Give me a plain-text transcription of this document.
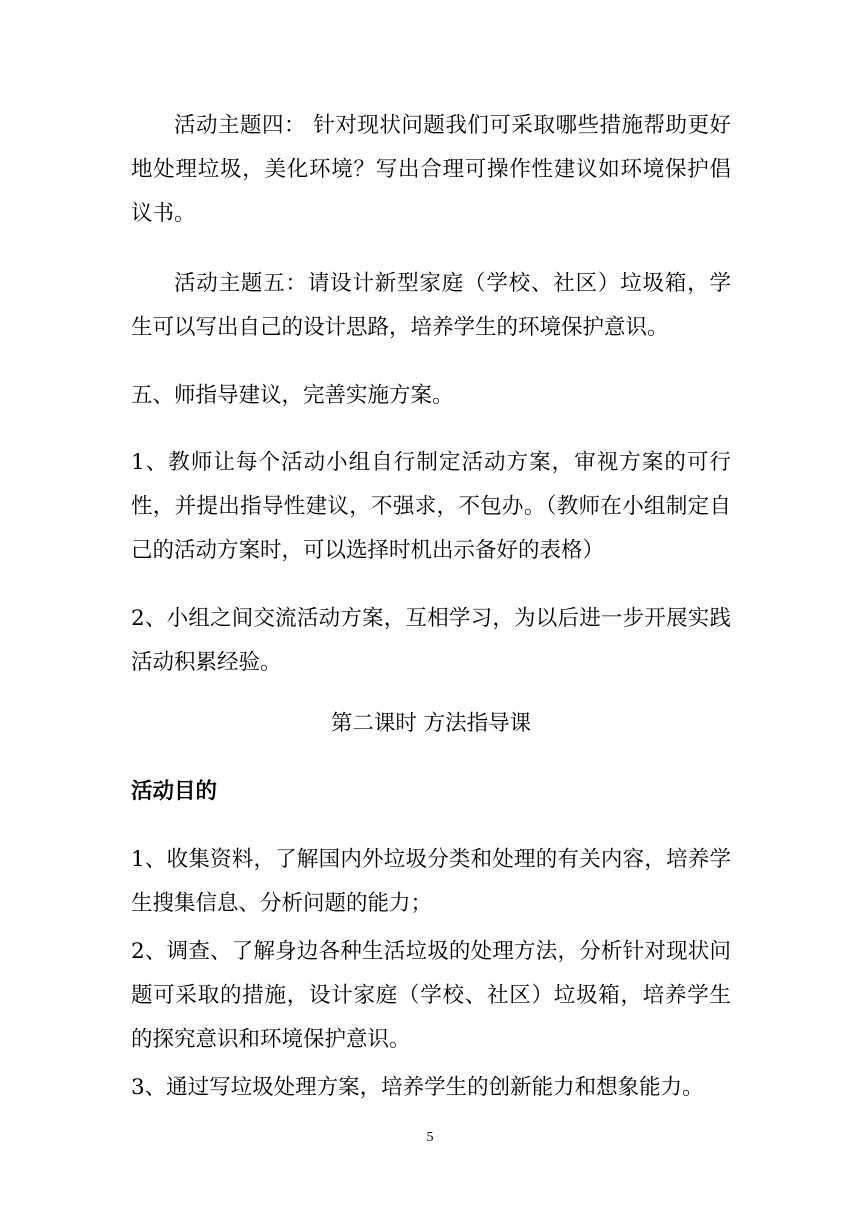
活动主题四： 针对现状问题我们可采取哪些措施帮助更好地处理垃圾，美化环境？写出合理可操作性建议如环境保护倡议书。

活动主题五：请设计新型家庭（学校、社区）垃圾箱，学生可以写出自己的设计思路，培养学生的环境保护意识。

五、师指导建议，完善实施方案。

1、教师让每个活动小组自行制定活动方案，审视方案的可行性，并提出指导性建议，不强求，不包办。（教师在小组制定自己的活动方案时，可以选择时机出示备好的表格）

2、小组之间交流活动方案，互相学习，为以后进一步开展实践活动积累经验。

第二课时 方法指导课

活动目的

1、收集资料，了解国内外垃圾分类和处理的有关内容，培养学生搜集信息、分析问题的能力；

2、调查、了解身边各种生活垃圾的处理方法，分析针对现状问题可采取的措施，设计家庭（学校、社区）垃圾箱，培养学生的探究意识和环境保护意识。

3、通过写垃圾处理方案，培养学生的创新能力和想象能力。

5
